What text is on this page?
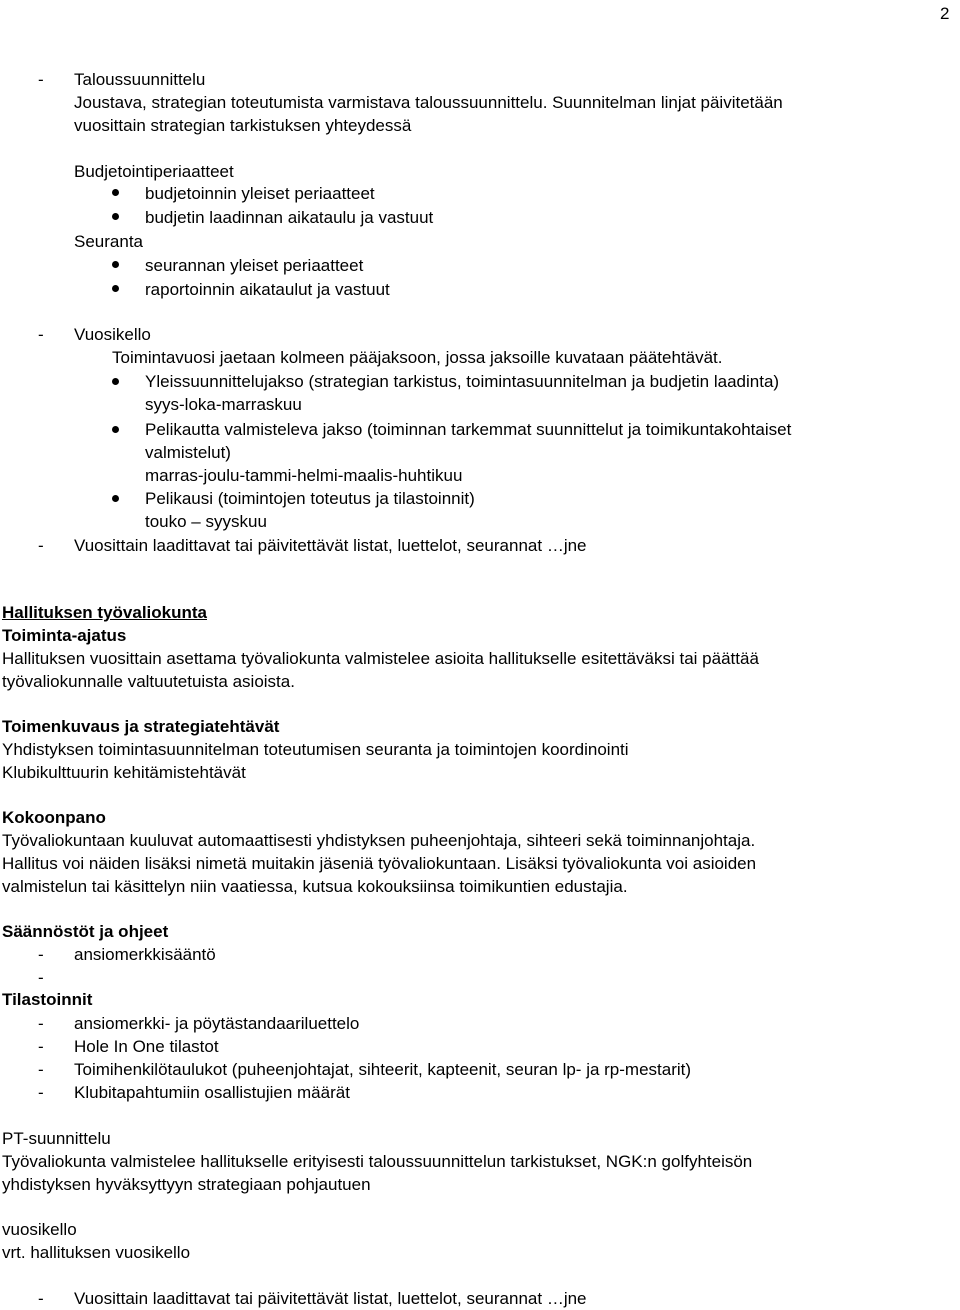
2
- Taloussuunnittelu
Joustava, strategian toteutumista varmistava taloussuunnittelu. Suunnitelman linjat päivitetään
vuosittain strategian tarkistuksen yhteydessä
Budjetointiperiaatteet
budjetoinnin yleiset periaatteet
budjetin laadinnan aikataulu ja vastuut
Seuranta
seurannan yleiset periaatteet
raportoinnin aikataulut ja vastuut
- Vuosikello
Toimintavuosi jaetaan kolmeen pääjaksoon, jossa jaksoille kuvataan päätehtävät.
Yleissuunnittelujakso (strategian tarkistus, toimintasuunnitelman ja budjetin laadinta)
syys-loka-marraskuu
Pelikautta valmisteleva jakso (toiminnan tarkemmat suunnittelut ja toimikuntakohtaiset
valmistelut)
marras-joulu-tammi-helmi-maalis-huhtikuu
Pelikausi (toimintojen toteutus ja tilastoinnit)
touko – syyskuu
- Vuosittain laadittavat tai päivitettävät listat, luettelot, seurannat …jne
Hallituksen työvaliokunta
Toiminta-ajatus
Hallituksen vuosittain asettama työvaliokunta valmistelee asioita hallitukselle esitettäväksi tai päättää
työvaliokunnalle valtuutetuista asioista.
Toimenkuvaus ja strategiatehtävät
Yhdistyksen toimintasuunnitelman toteutumisen seuranta ja toimintojen koordinointi
Klubikulttuurin kehitämistehtävät
Kokoonpano
Työvaliokuntaan kuuluvat automaattisesti yhdistyksen puheenjohtaja, sihteeri sekä toiminnanjohtaja.
Hallitus voi näiden lisäksi nimetä muitakin jäseniä työvaliokuntaan. Lisäksi työvaliokunta voi asioiden
valmistelun tai käsittelyn niin vaatiessa, kutsua kokouksiinsa toimikuntien edustajia.
Säännöstöt ja ohjeet
- ansiomerkkisääntö
-
Tilastoinnit
- ansiomerkki- ja pöytästandaariluettelo
- Hole In One tilastot
- Toimihenkilötaulukot (puheenjohtajat, sihteerit, kapteenit, seuran lp- ja rp-mestarit)
- Klubitapahtumiin osallistujien määrät
PT-suunnittelu
Työvaliokunta valmistelee hallitukselle erityisesti taloussuunnittelun tarkistukset, NGK:n golfyhteisön
yhdistyksen hyväksyttyyn strategiaan pohjautuen
vuosikello
vrt. hallituksen vuosikello
- Vuosittain laadittavat tai päivitettävät listat, luettelot, seurannat …jne
